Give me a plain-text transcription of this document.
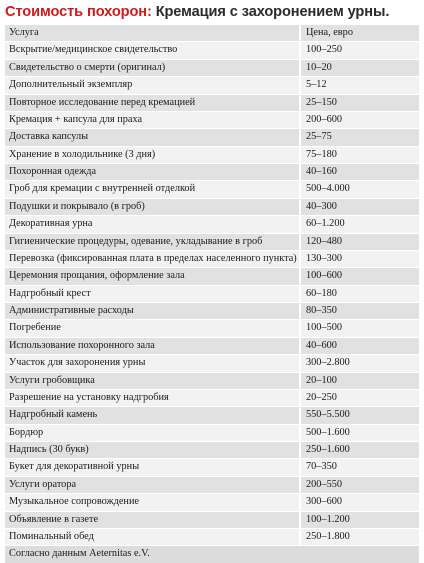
Стоимость похорон: Кремация с захоронением урны.
Услуга	Цена, евро
Вскрытие/медицинское свидетельство	100–250
Свидетельство о смерти (оригинал)	10–20
Дополнительный экземпляр	5–12
Повторное исследование перед кремацией	25–150
Кремация + капсула для праха	200–600
Доставка капсулы	25–75
Хранение в холодильнике (3 дня)	75–180
Похоронная одежда	40–160
Гроб для кремации с внутренней отделкой	500–4.000
Подушки и покрывало (в гроб)	40–300
Декоративная урна	60–1.200
Гигиенические процедуры, одевание, укладывание в гроб	120–480
Перевозка (фиксированная плата в пределах населенного пункта)	130–300
Церемония прощания, оформление зала	100–600
Надгробный крест	60–180
Административные расходы	80–350
Погребение	100–500
Использование похоронного зала	40–600
Участок для захоронения урны	300–2.800
Услуги гробовщика	20–100
Разрешение на установку надгробия	20–250
Надгробный камень	550–5.500
Бордюр	500–1.600
Надпись (30 букв)	250–1.600
Букет для декоративной урны	70–350
Услуги оратора	200–550
Музыкальное сопровождение	300–600
Объявление в газете	100–1.200
Поминальный обед	250–1.800
Согласно данным Aeternitas e.V.	
